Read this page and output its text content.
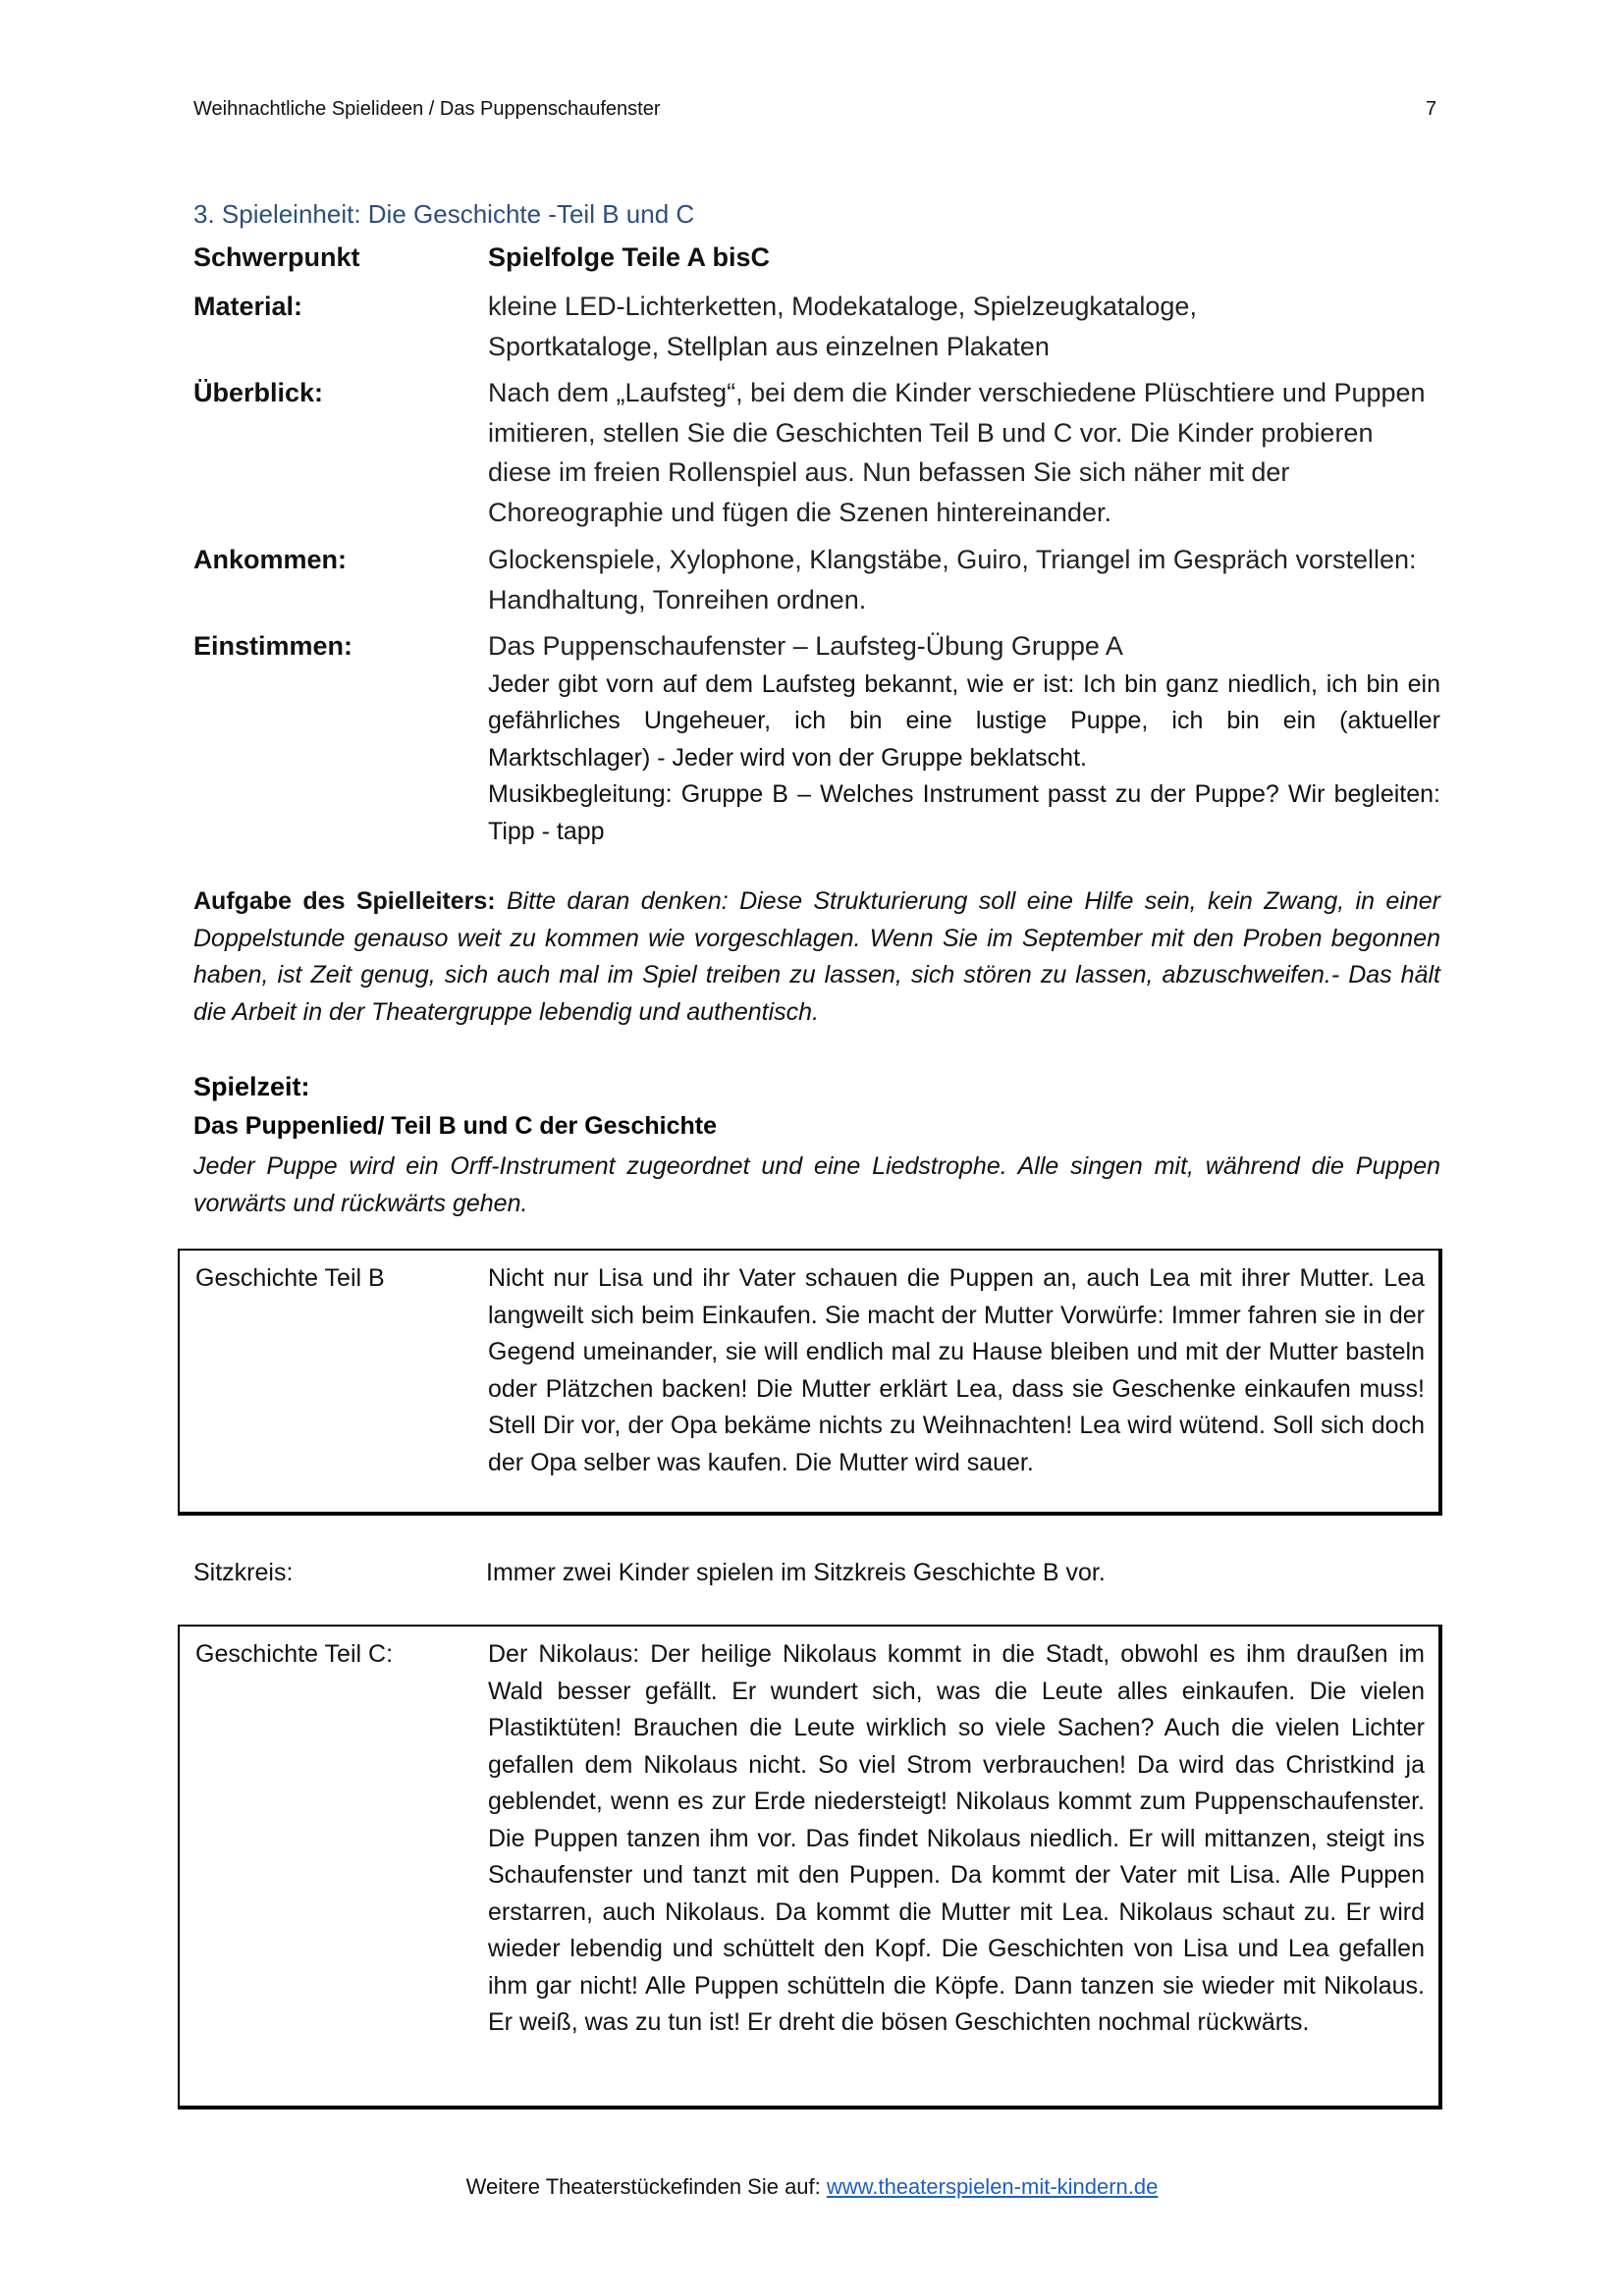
Weihnachtliche Spielideen / Das Puppenschaufenster	7
3. Spieleinheit: Die Geschichte -Teil B und C
Schwerpunkt	Spielfolge Teile A bisC
Material:	kleine LED-Lichterketten, Modekataloge, Spielzeugkataloge, Sportkataloge, Stellplan aus einzelnen Plakaten
Überblick:	Nach dem „Laufsteg“, bei dem die Kinder verschiedene Plüschtiere und Puppen imitieren, stellen Sie die Geschichten Teil B und C vor. Die Kinder probieren diese im freien Rollenspiel aus. Nun befassen Sie sich näher mit der Choreographie und fügen die Szenen hintereinander.
Ankommen:	Glockenspiele, Xylophone, Klangstäbe, Guiro, Triangel im Gespräch vorstellen: Handhaltung, Tonreihen ordnen.
Einstimmen:	Das Puppenschaufenster – Laufsteg-Übung Gruppe A
Jeder gibt vorn auf dem Laufsteg bekannt, wie er ist: Ich bin ganz niedlich, ich bin ein gefährliches Ungeheuer, ich bin eine lustige Puppe, ich bin ein (aktueller Marktschlager) - Jeder wird von der Gruppe beklatscht.
Musikbegleitung: Gruppe B – Welches Instrument passt zu der Puppe? Wir begleiten: Tipp - tapp
Aufgabe des Spielleiters: Bitte daran denken: Diese Strukturierung soll eine Hilfe sein, kein Zwang, in einer Doppelstunde genauso weit zu kommen wie vorgeschlagen. Wenn Sie im September mit den Proben begonnen haben, ist Zeit genug, sich auch mal im Spiel treiben zu lassen, sich stören zu lassen, abzuschweifen.- Das hält die Arbeit in der Theatergruppe lebendig und authentisch.
Spielzeit:
Das Puppenlied/ Teil B und C der Geschichte
Jeder Puppe wird ein Orff-Instrument zugeordnet und eine Liedstrophe. Alle singen mit, während die Puppen vorwärts und rückwärts gehen.
Geschichte Teil B	Nicht nur Lisa und ihr Vater schauen die Puppen an, auch Lea mit ihrer Mutter. Lea langweilt sich beim Einkaufen. Sie macht der Mutter Vorwürfe: Immer fahren sie in der Gegend umeinander, sie will endlich mal zu Hause bleiben und mit der Mutter basteln oder Plätzchen backen! Die Mutter erklärt Lea, dass sie Geschenke einkaufen muss! Stell Dir vor, der Opa bekäme nichts zu Weihnachten! Lea wird wütend. Soll sich doch der Opa selber was kaufen. Die Mutter wird sauer.
Sitzkreis:	Immer zwei Kinder spielen im Sitzkreis Geschichte B vor.
Geschichte Teil C:	Der Nikolaus: Der heilige Nikolaus kommt in die Stadt, obwohl es ihm draußen im Wald besser gefällt. Er wundert sich, was die Leute alles einkaufen. Die vielen Plastiktüten! Brauchen die Leute wirklich so viele Sachen? Auch die vielen Lichter gefallen dem Nikolaus nicht. So viel Strom verbrauchen! Da wird das Christkind ja geblendet, wenn es zur Erde niedersteigt! Nikolaus kommt zum Puppenschaufenster. Die Puppen tanzen ihm vor. Das findet Nikolaus niedlich. Er will mittanzen, steigt ins Schaufenster und tanzt mit den Puppen. Da kommt der Vater mit Lisa. Alle Puppen erstarren, auch Nikolaus. Da kommt die Mutter mit Lea. Nikolaus schaut zu. Er wird wieder lebendig und schüttelt den Kopf. Die Geschichten von Lisa und Lea gefallen ihm gar nicht! Alle Puppen schütteln die Köpfe. Dann tanzen sie wieder mit Nikolaus. Er weiß, was zu tun ist! Er dreht die bösen Geschichten nochmal rückwärts.
Weitere Theaterstückefinden Sie auf: www.theaterspielen-mit-kindern.de
